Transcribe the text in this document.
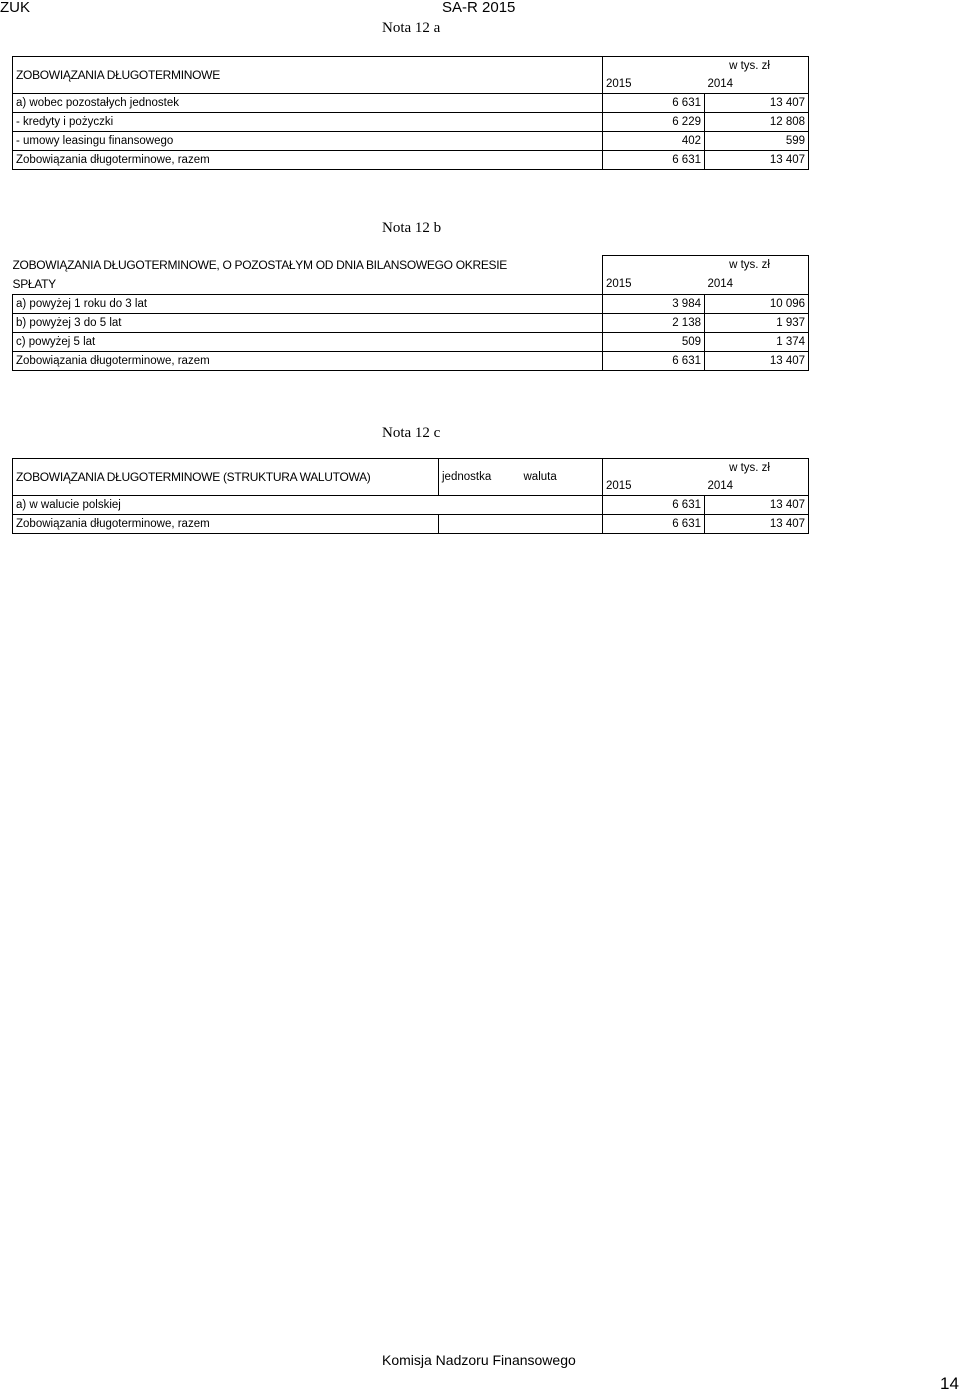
ZUK	SA-R 2015
Nota 12 a
ZOBOWIĄZANIA DŁUGOTERMINOWE	w tys. zł	
	2015	2014
a) wobec pozostałych jednostek	6 631	13 407
- kredyty i pożyczki	6 229	12 808
- umowy leasingu finansowego	402	599
Zobowiązania długoterminowe, razem	6 631	13 407
Nota 12 b
ZOBOWIĄZANIA DŁUGOTERMINOWE, O POZOSTAŁYM OD DNIA BILANSOWEGO OKRESIE
SPŁATY	w tys. zł	
	2015	2014
a) powyżej 1 roku do 3 lat	3 984	10 096
b) powyżej 3 do 5 lat	2 138	1 937
c) powyżej 5 lat	509	1 374
Zobowiązania długoterminowe, razem	6 631	13 407
Nota 12 c
ZOBOWIĄZANIA DŁUGOTERMINOWE (STRUKTURA WALUTOWA)	jednostka	waluta	w tys. zł	
			2015	2014
a) w walucie polskiej			6 631	13 407
Zobowiązania długoterminowe, razem			6 631	13 407
Komisja Nadzoru Finansowego
14
